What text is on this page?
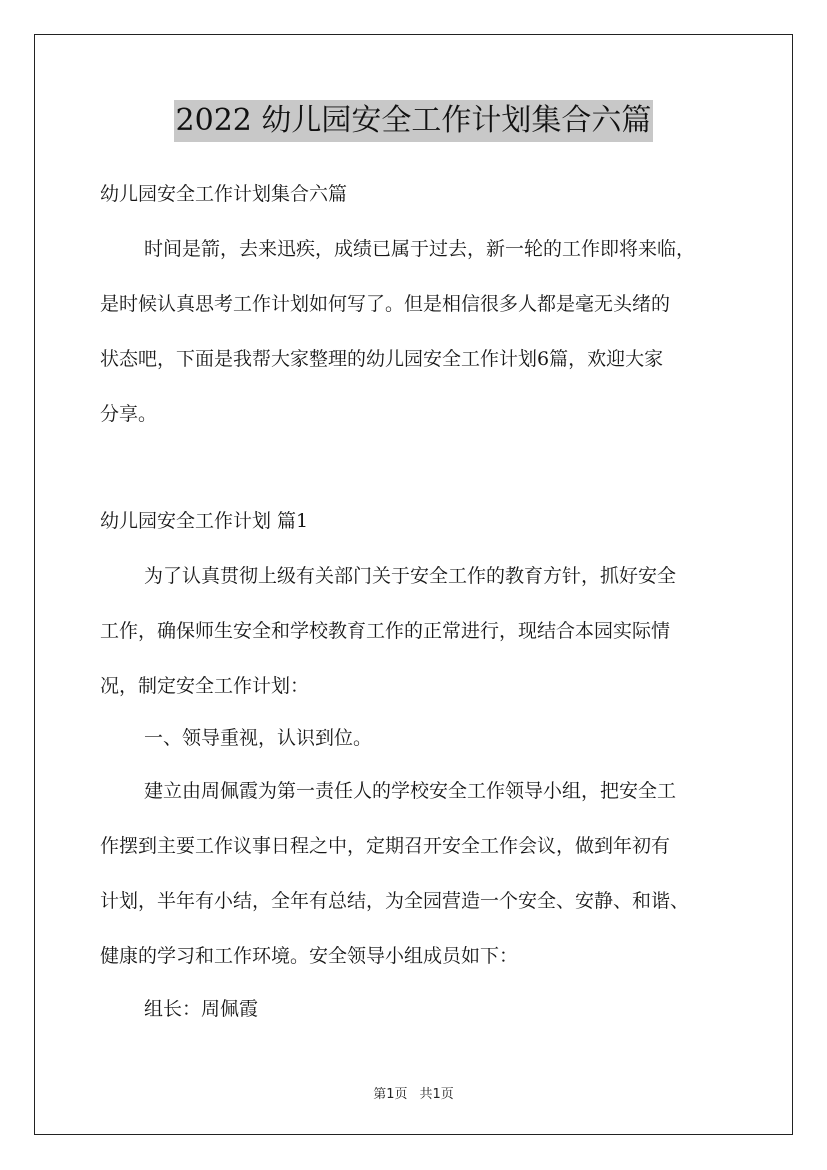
2022 幼儿园安全工作计划集合六篇
幼儿园安全工作计划集合六篇
时间是箭，去来迅疾，成绩已属于过去，新一轮的工作即将来临，
是时候认真思考工作计划如何写了。但是相信很多人都是毫无头绪的
状态吧，下面是我帮大家整理的幼儿园安全工作计划6篇，欢迎大家
分享。
幼儿园安全工作计划 篇1
为了认真贯彻上级有关部门关于安全工作的教育方针，抓好安全
工作，确保师生安全和学校教育工作的正常进行，现结合本园实际情
况，制定安全工作计划：
一、领导重视，认识到位。
建立由周佩霞为第一责任人的学校安全工作领导小组，把安全工
作摆到主要工作议事日程之中，定期召开安全工作会议，做到年初有
计划，半年有小结，全年有总结，为全园营造一个安全、安静、和谐、
健康的学习和工作环境。安全领导小组成员如下：
组长：周佩霞
第1页 共1页
